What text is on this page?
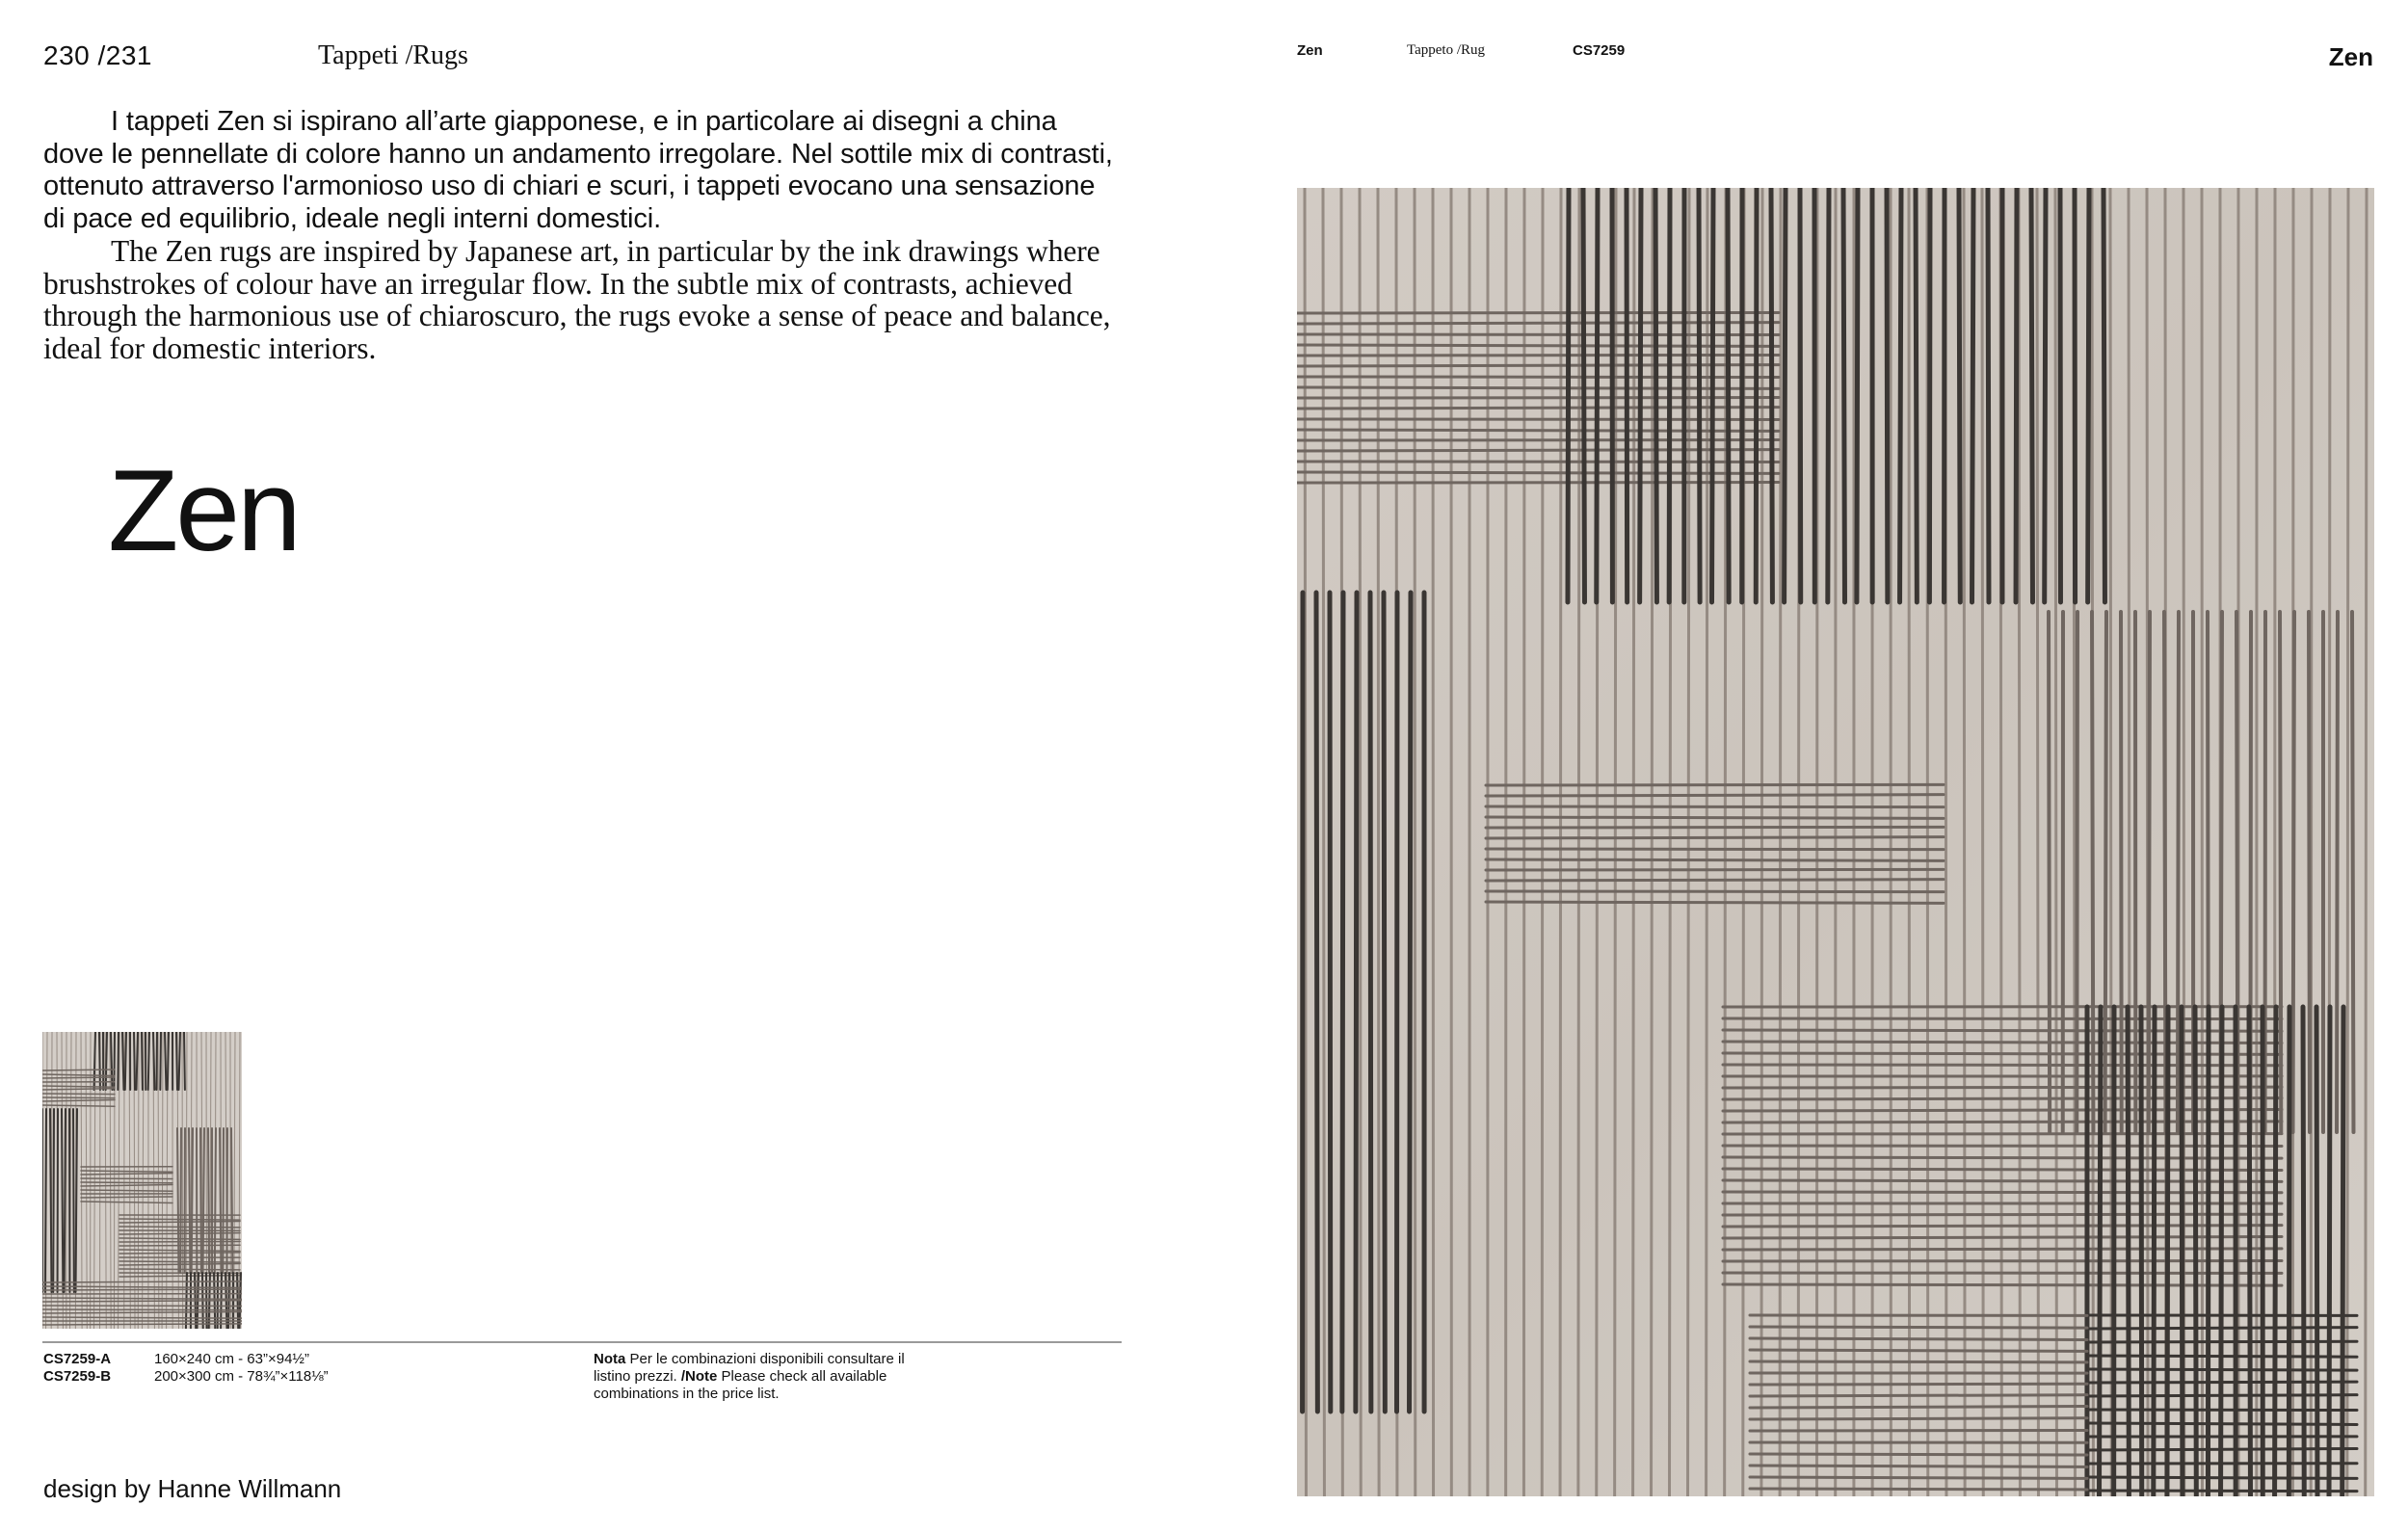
230 /231	Tappeti /Rugs

I tappeti Zen si ispirano all’arte giapponese, e in particolare ai disegni a china dove le pennellate di colore hanno un andamento irregolare. Nel sottile mix di contrasti, ottenuto attraverso l'armonioso uso di chiari e scuri, i tappeti evocano una sensazione di pace ed equilibrio, ideale negli interni domestici.

The Zen rugs are inspired by Japanese art, in particular by the ink drawings where brushstrokes of colour have an irregular flow. In the subtle mix of contrasts, achieved through the harmonious use of chiaroscuro, the rugs evoke a sense of peace and balance, ideal for domestic interiors.

Zen
CS7259-A	160×240 cm - 63”×94½”
CS7259-B	200×300 cm - 78¾”×118⅛”
Nota Per le combinazioni disponibili consultare il listino prezzi. /Note Please check all available combinations in the price list.
design by Hanne Willmann
Zen	Tappeto /Rug	CS7259	Zen
